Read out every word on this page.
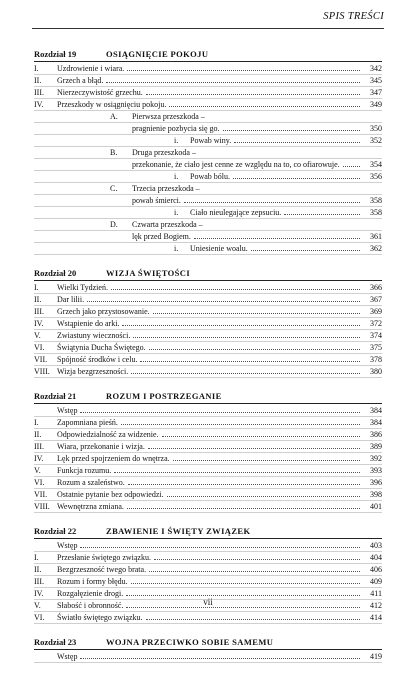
SPIS TREŚCI
Rozdział 19	OSIĄGNIĘCIE POKOJU
I.	Uzdrowienie i wiara.	342
II.	Grzech a błąd.	345
III.	Nierzeczywistość grzechu.	347
IV.	Przeszkody w osiągnięciu pokoju.	349
A.	Pierwsza przeszkoda –
pragnienie pozbycia się go.	350
i.	Powab winy.	352
B.	Druga przeszkoda –
przekonanie, że ciało jest cenne ze względu na to, co ofiarowuje.	354
i.	Powab bólu.	356
C.	Trzecia przeszkoda –
powab śmierci.	358
i.	Ciało nieulegające zepsuciu.	358
D.	Czwarta przeszkoda –
lęk przed Bogiem.	361
i.	Uniesienie woalu.	362
Rozdział 20	WIZJA ŚWIĘTOŚCI
I.	Wielki Tydzień.	366
II.	Dar lilii.	367
III.	Grzech jako przystosowanie.	369
IV.	Wstąpienie do arki.	372
V.	Zwiastuny wieczności.	374
VI.	Świątynia Ducha Świętego.	375
VII.	Spójność środków i celu.	378
VIII. Wizja bezgrzeszności.	380
Rozdział 21	ROZUM I POSTRZEGANIE
Wstęp	384
I.	Zapomniana pieśń.	384
II.	Odpowiedzialność za widzenie.	386
III.	Wiara, przekonanie i wizja.	389
IV.	Lęk przed spojrzeniem do wnętrza.	392
V.	Funkcja rozumu.	393
VI.	Rozum a szaleństwo.	396
VII.	Ostatnie pytanie bez odpowiedzi.	398
VIII. Wewnętrzna zmiana.	401
Rozdział 22	ZBAWIENIE I ŚWIĘTY ZWIĄZEK
Wstęp	403
I.	Przesłanie świętego związku.	404
II.	Bezgrzeszność twego brata.	406
III.	Rozum i formy błędu.	409
IV.	Rozgałęzienie drogi.	411
V.	Słabość i obronność.	412
VI.	Światło świętego związku.	414
Rozdział 23	WOJNA PRZECIWKO SOBIE SAMEMU
Wstęp	419
vii
